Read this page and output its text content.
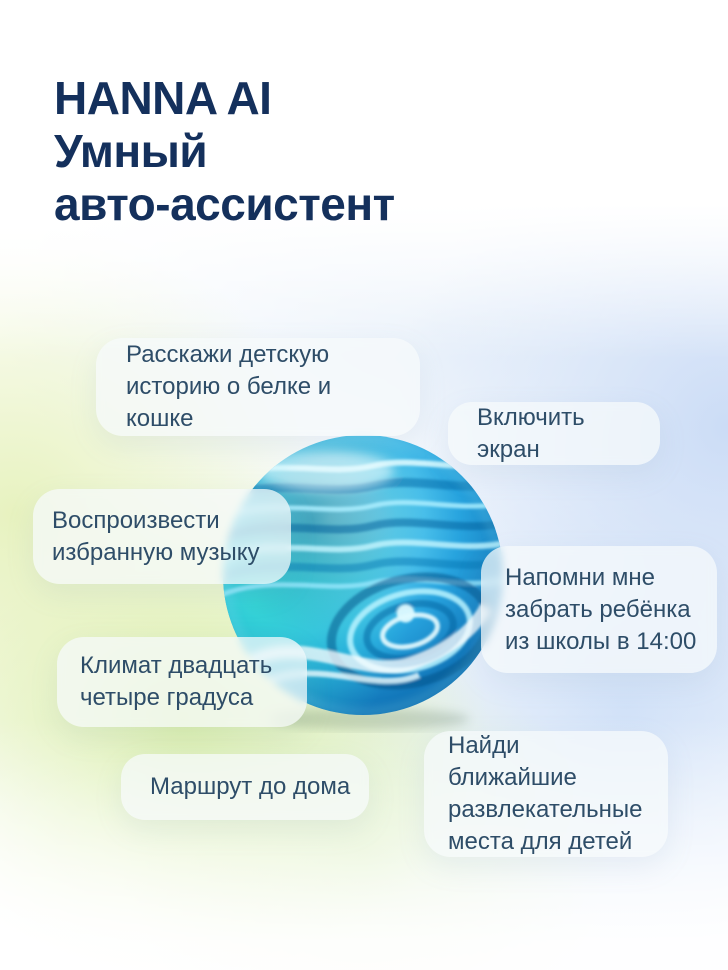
HANNA AI
Умный
авто-ассистент
Расскажи детскую
историю о белке и кошке	Включить экран
Воспроизвести
избранную музыку
Напомни мне
забрать ребёнка
из школы в 14:00
Климат двадцать
четыре градуса
Маршрут до дома
Найди ближайшие
развлекательные
места для детей
